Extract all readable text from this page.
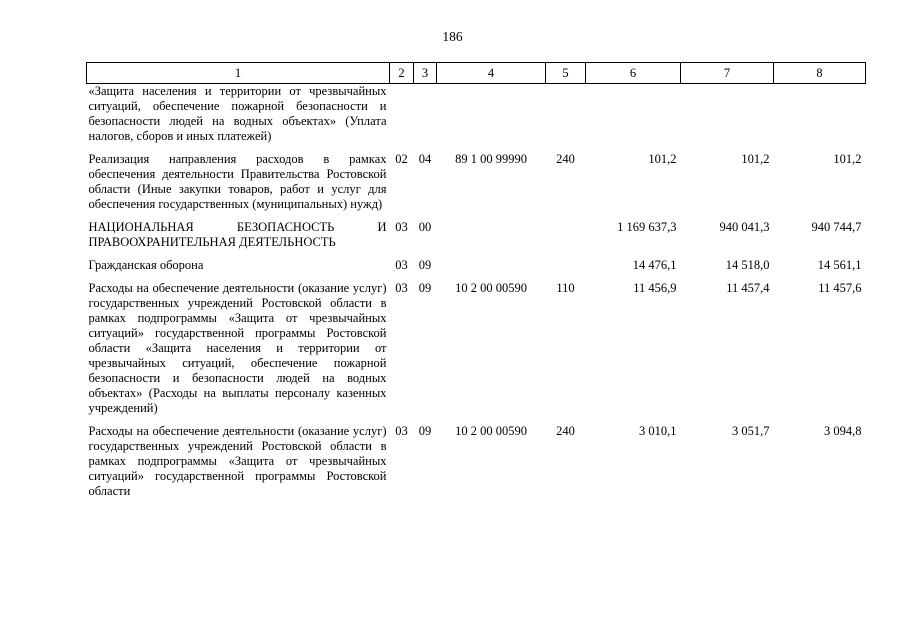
186
1	2	3	4	5	6	7	8
«Защита населения и территории от чрезвычайных ситуаций, обеспечение пожарной безопасности и безопасности людей на водных объектах» (Уплата налогов, сборов и иных платежей)							
Реализация направления расходов в рамках обеспечения деятельности Правительства Ростовской области (Иные закупки товаров, работ и услуг для обеспечения государственных (муниципальных) нужд)	02	04	89 1 00 99990	240	101,2	101,2	101,2
НАЦИОНАЛЬНАЯ БЕЗОПАСНОСТЬ И ПРАВООХРАНИТЕЛЬНАЯ ДЕЯТЕЛЬНОСТЬ	03	00			1 169 637,3	940 041,3	940 744,7
Гражданская оборона	03	09			14 476,1	14 518,0	14 561,1
Расходы на обеспечение деятельности (оказание услуг) государственных учреждений Ростовской области в рамках подпрограммы «Защита от чрезвычайных ситуаций» государственной программы Ростовской области «Защита населения и территории от чрезвычайных ситуаций, обеспечение пожарной безопасности и безопасности людей на водных объектах» (Расходы на выплаты персоналу казенных учреждений)	03	09	10 2 00 00590	110	11 456,9	11 457,4	11 457,6
Расходы на обеспечение деятельности (оказание услуг) государственных учреждений Ростовской области в рамках подпрограммы «Защита от чрезвычайных ситуаций» государственной программы Ростовской области	03	09	10 2 00 00590	240	3 010,1	3 051,7	3 094,8
